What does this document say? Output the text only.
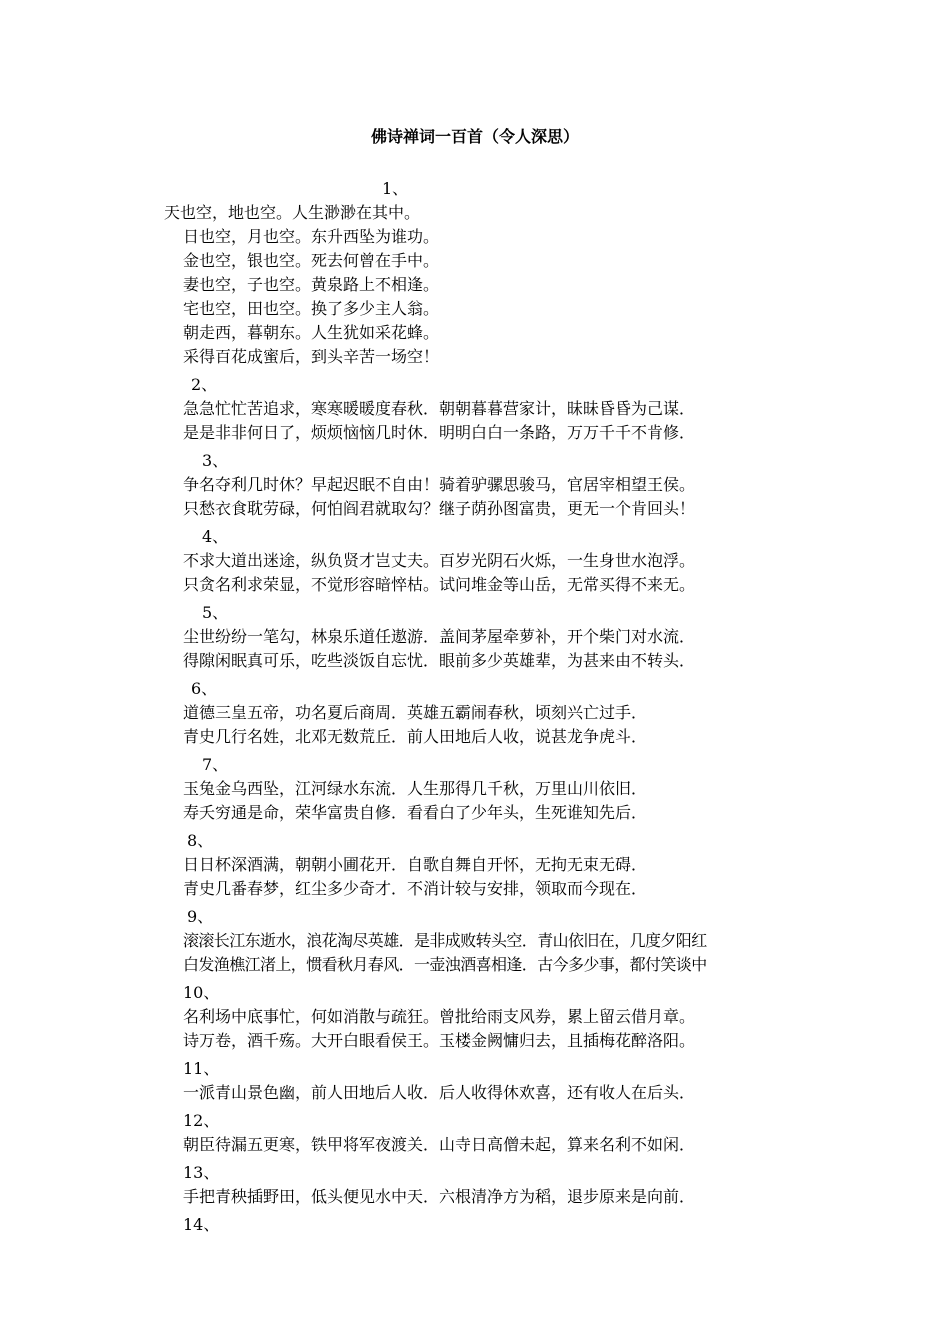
佛诗禅词一百首（令人深思）
1、
天也空，地也空。人生渺渺在其中。
日也空，月也空。东升西坠为谁功。
金也空，银也空。死去何曾在手中。
妻也空，子也空。黄泉路上不相逢。
宅也空，田也空。换了多少主人翁。
朝走西，暮朝东。人生犹如采花蜂。
采得百花成蜜后，到头辛苦一场空！
2、
急急忙忙苦追求，寒寒暖暖度春秋．朝朝暮暮营家计，昧昧昏昏为己谋．
是是非非何日了，烦烦恼恼几时休．明明白白一条路，万万千千不肯修．
3、
争名夺利几时休？早起迟眠不自由！骑着驴骡思骏马，官居宰相望王侯。
只愁衣食耽劳碌，何怕阎君就取勾？继子荫孙图富贵，更无一个肯回头！
4、
不求大道出迷途，纵负贤才岂丈夫。百岁光阴石火烁，一生身世水泡浮。
只贪名利求荣显，不觉形容暗悴枯。试问堆金等山岳，无常买得不来无。
5、
尘世纷纷一笔勾，林泉乐道任遨游．盖间茅屋牵萝补，开个柴门对水流．
得隙闲眠真可乐，吃些淡饭自忘忧．眼前多少英雄辈，为甚来由不转头．
6、
道德三皇五帝，功名夏后商周．英雄五霸闹春秋，顷刻兴亡过手．
青史几行名姓，北邓无数荒丘．前人田地后人收，说甚龙争虎斗．
7、
玉兔金乌西坠，江河绿水东流．人生那得几千秋，万里山川依旧．
寿夭穷通是命，荣华富贵自修．看看白了少年头，生死谁知先后．
8、
日日杯深酒满，朝朝小圃花开．自歌自舞自开怀，无拘无束无碍．
青史几番春梦，红尘多少奇才．不消计较与安排，领取而今现在．
9、
滚滚长江东逝水，浪花淘尽英雄．是非成败转头空．青山依旧在，几度夕阳红
白发渔樵江渚上，惯看秋月春风．一壶浊酒喜相逢．古今多少事，都付笑谈中
10、
名利场中底事忙，何如消散与疏狂。曾批给雨支风券，累上留云借月章。
诗万卷，酒千殇。大开白眼看侯王。玉楼金阙慵归去，且插梅花醉洛阳。
11、
一派青山景色幽，前人田地后人收．后人收得休欢喜，还有收人在后头．
12、
朝臣待漏五更寒，铁甲将军夜渡关．山寺日高僧未起，算来名利不如闲．
13、
手把青秧插野田，低头便见水中天．六根清净方为稻，退步原来是向前．
14、
